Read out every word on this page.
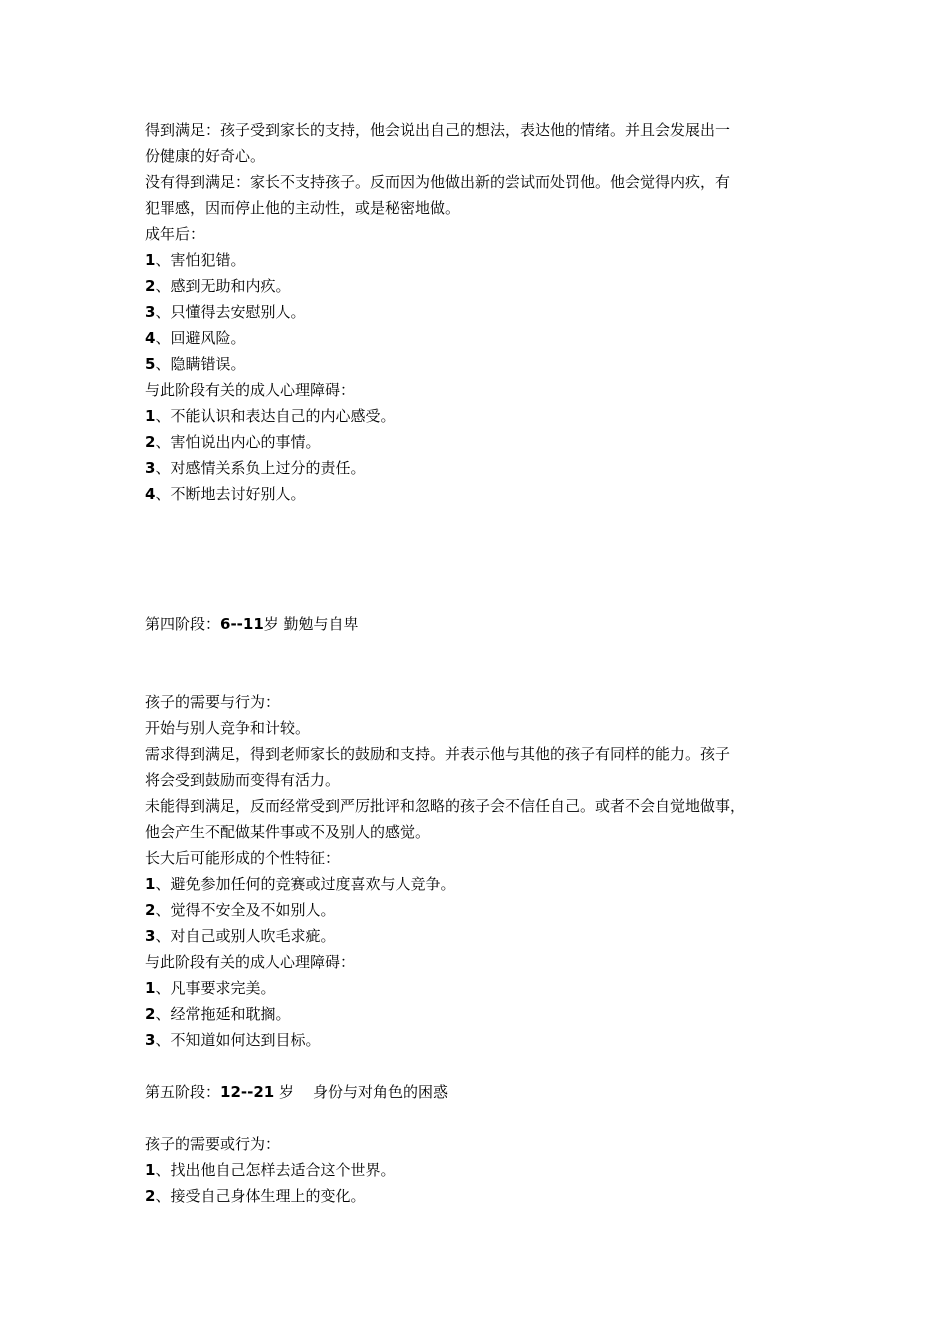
得到满足：孩子受到家长的支持，他会说出自己的想法，表达他的情绪。并且会发展出一
份健康的好奇心。
没有得到满足：家长不支持孩子。反而因为他做出新的尝试而处罚他。他会觉得内疚，有
犯罪感，因而停止他的主动性，或是秘密地做。
成年后：
1、害怕犯错。
2、感到无助和内疚。
3、只懂得去安慰别人。
4、回避风险。
5、隐瞒错误。
与此阶段有关的成人心理障碍：
1、不能认识和表达自己的内心感受。
2、害怕说出内心的事情。
3、对感情关系负上过分的责任。
4、不断地去讨好别人。
第四阶段：6--11岁 勤勉与自卑
孩子的需要与行为：
开始与别人竞争和计较。
需求得到满足，得到老师家长的鼓励和支持。并表示他与其他的孩子有同样的能力。孩子
将会受到鼓励而变得有活力。
未能得到满足，反而经常受到严厉批评和忽略的孩子会不信任自己。或者不会自觉地做事，
他会产生不配做某件事或不及别人的感觉。
长大后可能形成的个性特征：
1、避免参加任何的竞赛或过度喜欢与人竞争。
2、觉得不安全及不如别人。
3、对自己或别人吹毛求疵。
与此阶段有关的成人心理障碍：
1、凡事要求完美。
2、经常拖延和耽搁。
3、不知道如何达到目标。
第五阶段：12--21 岁    身份与对角色的困惑
孩子的需要或行为：
1、找出他自己怎样去适合这个世界。
2、接受自己身体生理上的变化。
